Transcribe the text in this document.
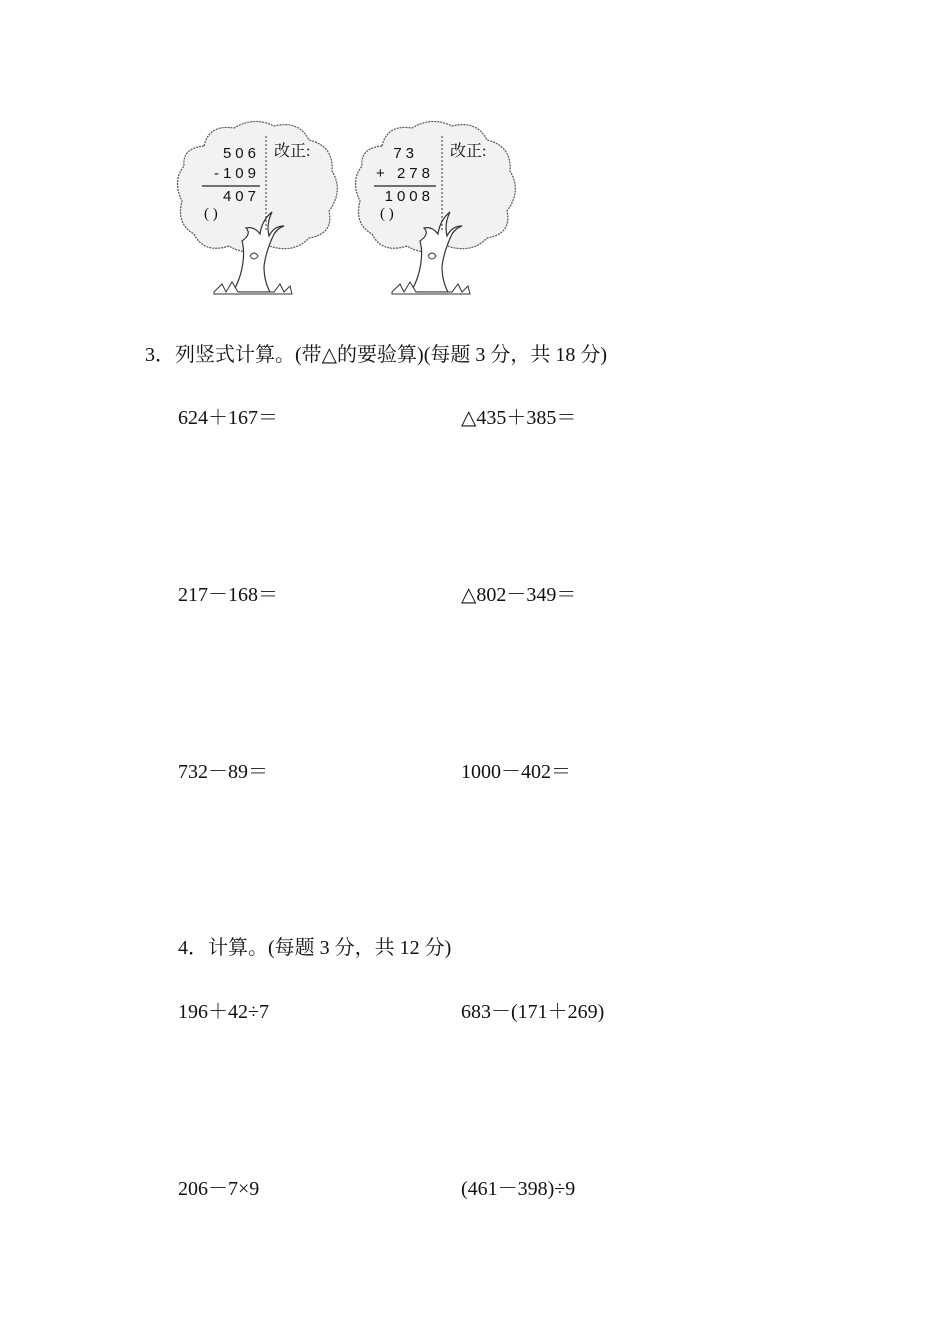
506
-109
407
( )
改正:	73
+ 278
1008
( )
改正:
3．列竖式计算。(带△的要验算)(每题 3 分，共 18 分)
624＋167＝	△435＋385＝
217－168＝	△802－349＝
732－89＝	1000－402＝
4．计算。(每题 3 分，共 12 分)
196＋42÷7	683－(171＋269)
206－7×9	(461－398)÷9
